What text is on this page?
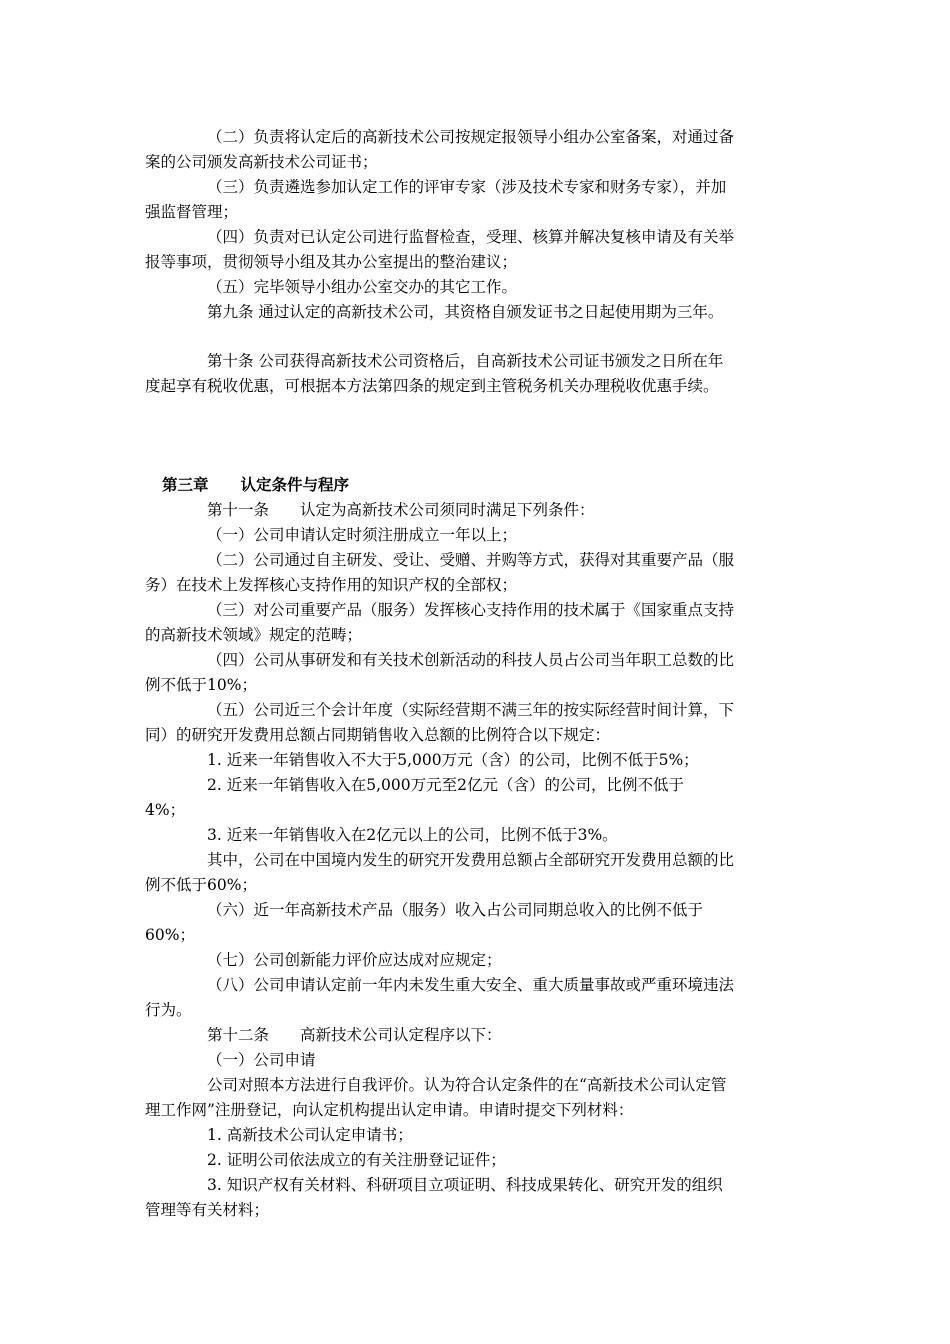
（二）负责将认定后的高新技术公司按规定报领导小组办公室备案，对通过备
案的公司颁发高新技术公司证书；
（三）负责遴选参加认定工作的评审专家（涉及技术专家和财务专家），并加
强监督管理；
（四）负责对已认定公司进行监督检查，受理、核算并解决复核申请及有关举
报等事项，贯彻领导小组及其办公室提出的整治建议；
（五）完毕领导小组办公室交办的其它工作。
第九条 通过认定的高新技术公司，其资格自颁发证书之日起使用期为三年。
第十条 公司获得高新技术公司资格后，自高新技术公司证书颁发之日所在年
度起享有税收优惠，可根据本方法第四条的规定到主管税务机关办理税收优惠手续。
第三章 认定条件与程序
第十一条　　认定为高新技术公司须同时满足下列条件：
（一）公司申请认定时须注册成立一年以上；
（二）公司通过自主研发、受让、受赠、并购等方式，获得对其重要产品（服
务）在技术上发挥核心支持作用的知识产权的全部权；
（三）对公司重要产品（服务）发挥核心支持作用的技术属于《国家重点支持
的高新技术领域》规定的范畴；
（四）公司从事研发和有关技术创新活动的科技人员占公司当年职工总数的比
例不低于10%；
（五）公司近三个会计年度（实际经营期不满三年的按实际经营时间计算，下
同）的研究开发费用总额占同期销售收入总额的比例符合以下规定：
1. 近来一年销售收入不大于5,000万元（含）的公司，比例不低于5%；
2. 近来一年销售收入在5,000万元至2亿元（含）的公司，比例不低于
4%；
3. 近来一年销售收入在2亿元以上的公司，比例不低于3%。
其中，公司在中国境内发生的研究开发费用总额占全部研究开发费用总额的比
例不低于60%；
（六）近一年高新技术产品（服务）收入占公司同期总收入的比例不低于
60%；
（七）公司创新能力评价应达成对应规定；
（八）公司申请认定前一年内未发生重大安全、重大质量事故或严重环境违法
行为。
第十二条　　高新技术公司认定程序以下：
（一）公司申请
公司对照本方法进行自我评价。认为符合认定条件的在“高新技术公司认定管
理工作网”注册登记，向认定机构提出认定申请。申请时提交下列材料：
1. 高新技术公司认定申请书；
2. 证明公司依法成立的有关注册登记证件；
3. 知识产权有关材料、科研项目立项证明、科技成果转化、研究开发的组织
管理等有关材料；
